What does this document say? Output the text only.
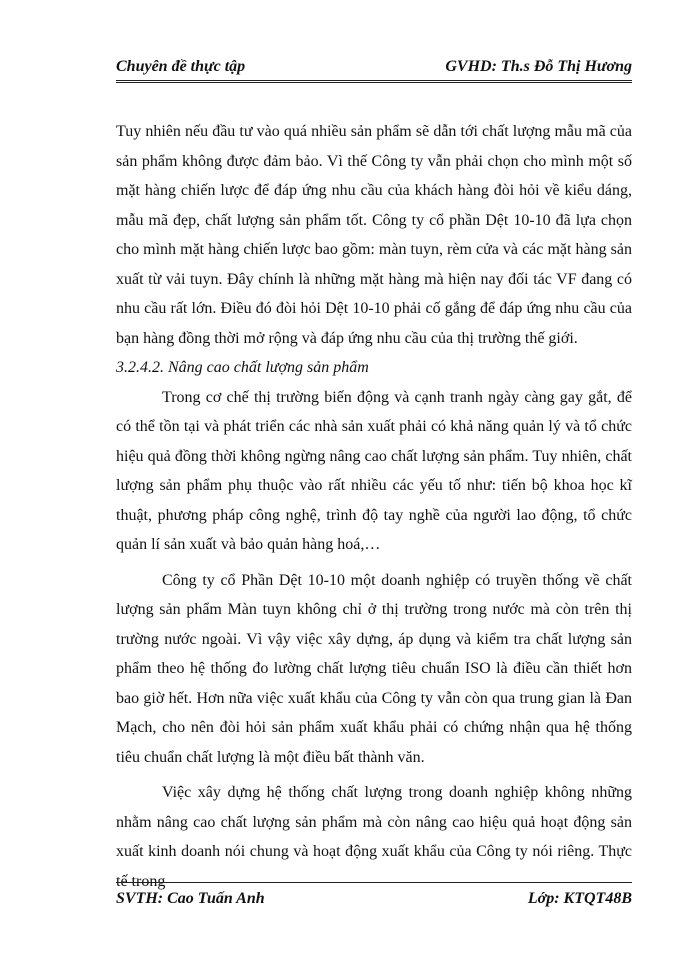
Chuyên đề thực tập	GVHD: Th.s Đỗ Thị Hương

Tuy nhiên nếu đầu tư vào quá nhiều sản phẩm sẽ dẫn tới chất lượng mẫu mã của sản phẩm không được đảm bảo. Vì thế Công ty vẫn phải chọn cho mình một số mặt hàng chiến lược để đáp ứng nhu cầu của khách hàng đòi hỏi về kiểu dáng, mẫu mã đẹp, chất lượng sản phẩm tốt. Công ty cổ phần Dệt 10-10 đã lựa chọn cho mình mặt hàng chiến lược bao gồm: màn tuyn, rèm cửa và các mặt hàng sản xuất từ vải tuyn. Đây chính là những mặt hàng mà hiện nay đối tác VF đang có nhu cầu rất lớn. Điều đó đòi hỏi Dệt 10-10 phải cố gắng để đáp ứng nhu cầu của bạn hàng đồng thời mở rộng và đáp ứng nhu cầu của thị trường thế giới.

3.2.4.2. Nâng cao chất lượng sản phẩm

Trong cơ chế thị trường biến động và cạnh tranh ngày càng gay gắt, để có thể tồn tại và phát triển các nhà sản xuất phải có khả năng quản lý và tổ chức hiệu quả đồng thời không ngừng nâng cao chất lượng sản phẩm. Tuy nhiên, chất lượng sản phẩm phụ thuộc vào rất nhiều các yếu tố như: tiến bộ khoa học kĩ thuật, phương pháp công nghệ, trình độ tay nghề của người lao động, tổ chức quản lí sản xuất và bảo quản hàng hoá,…

Công ty cổ Phần Dệt 10-10 một doanh nghiệp có truyền thống về chất lượng sản phẩm Màn tuyn không chỉ ở thị trường trong nước mà còn trên thị trường nước ngoài. Vì vậy việc xây dựng, áp dụng và kiểm tra chất lượng sản phẩm theo hệ thống đo lường chất lượng tiêu chuẩn ISO là điều cần thiết hơn bao giờ hết. Hơn nữa việc xuất khẩu của Công ty vẫn còn qua trung gian là Đan Mạch, cho nên đòi hỏi sản phẩm xuất khẩu phải có chứng nhận qua hệ thống tiêu chuẩn chất lượng là một điều bất thành văn.

Việc xây dựng hệ thống chất lượng trong doanh nghiệp không những nhằm nâng cao chất lượng sản phẩm mà còn nâng cao hiệu quả hoạt động sản xuất kinh doanh nói chung và hoạt động xuất khẩu của Công ty nói riêng. Thực tế trong

SVTH: Cao Tuấn Anh	Lớp: KTQT48B
